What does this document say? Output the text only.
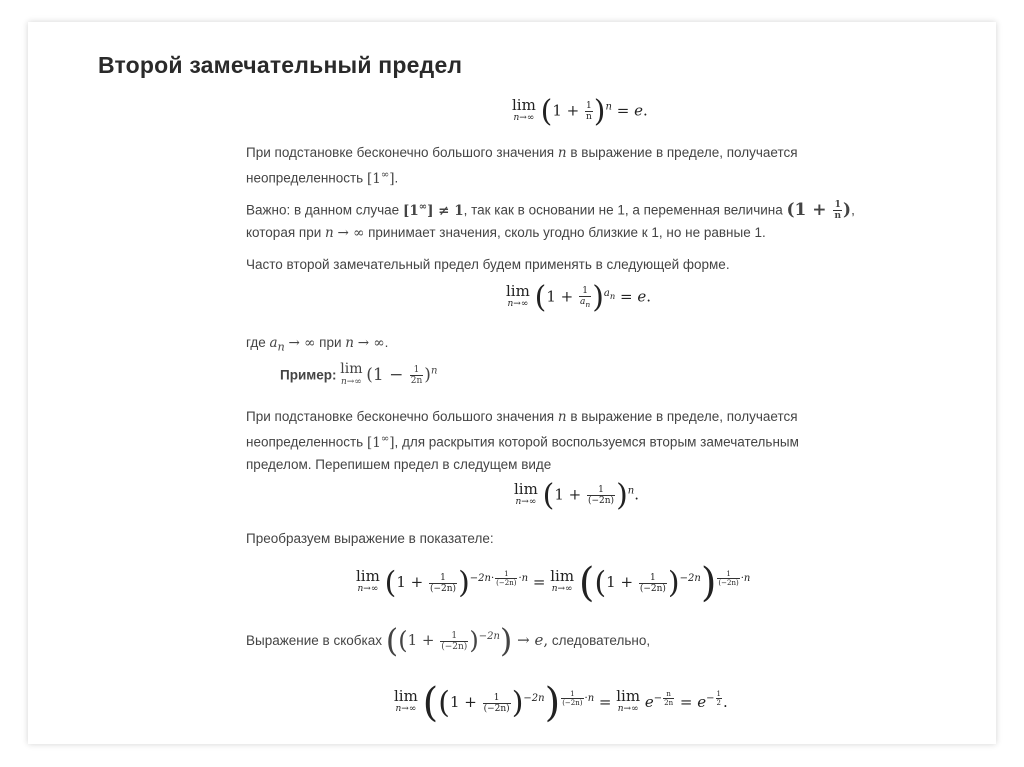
Второй замечательный предел
lim
n→∞ $(1 + \frac{1}{n} )^n = e$.
При подстановке бесконечно большого значения n в выражение в пределе, получается
неопределенность [1∞].
Важно: в данном случае [1∞] ≠ 1, так как в основании не 1, а переменная величина ($1 + \frac{1}{n}$ ),
которая при n → ∞ принимает значения, сколь угодно близкие к 1, но не равные 1.
Часто второй замечательный предел будем применять в следующей форме.
lim
n→∞ $(1 + \frac{1}{a_n} )^{a_n} = e$.
где $a_n$ → ∞ при n → ∞.
Пример: lim
n→∞ $(1 - \frac{1}{2n} )^n$
При подстановке бесконечно большого значения n в выражение в пределе, получается
неопределенность [1∞], для раскрытия которой воспользуемся вторым замечательным
пределом. Перепишем предел в следущем виде
lim
n→∞ $(1 + \frac{1}{(-2n)} )^n$.
Преобразуем выражение в показателе:
lim
n→∞ $(1 + \frac{1}{(-2n)} )^{-2n\cdot \frac{1}{(-2n)} \cdot n} = \lim$
n→∞ $((1 + \frac{1}{(-2n)} )^{-2n})$ $^{\frac{1}{(-2n)} \cdot n}$
Выражение в скобках $((1 + \frac{1}{(-2n)} )^{-2n}) \to e$, следовательно,
lim
n→∞ $((1 + \frac{1}{(-2n)} )^{-2n})$ $^{\frac{1}{(-2n)} \cdot n}$ = lim
n→∞ $e^{- \frac{n}{2n}} = e^{- \frac{1}{2}}$ .
